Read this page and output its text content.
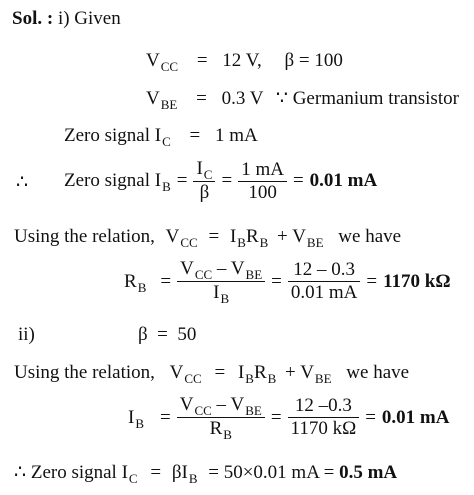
Sol. : i) Given
$V_{CC} = 12$ V, β = 100
$V_{BE} = 0.3$ V ∵ Germanium transistor
Zero signal $I_C = 1$ mA
∴ Zero signal $I_B = \frac{I_C}{\beta} = \frac{1 mA}{100} = 0.01$ mA
Using the relation, $V_{CC} = I_BR_B + V_{BE}$ we have
$R_B = \frac{V_{CC} - V_{BE}}{I_B} = \frac{12 - 0.3}{0.01 mA} = 1170$ kΩ
ii)	β  =  50
Using the relation, $V_{CC} = I_BR_B + V_{BE}$ we have
$I_B = \frac{V_{CC} - V_{BE}}{R_B} = \frac{12 -0.3}{1170 k\Omega} = 0.01$ mA
∴ Zero signal $I_C = \beta I_B = 50\times 0.01$ mA = 0.5 mA
